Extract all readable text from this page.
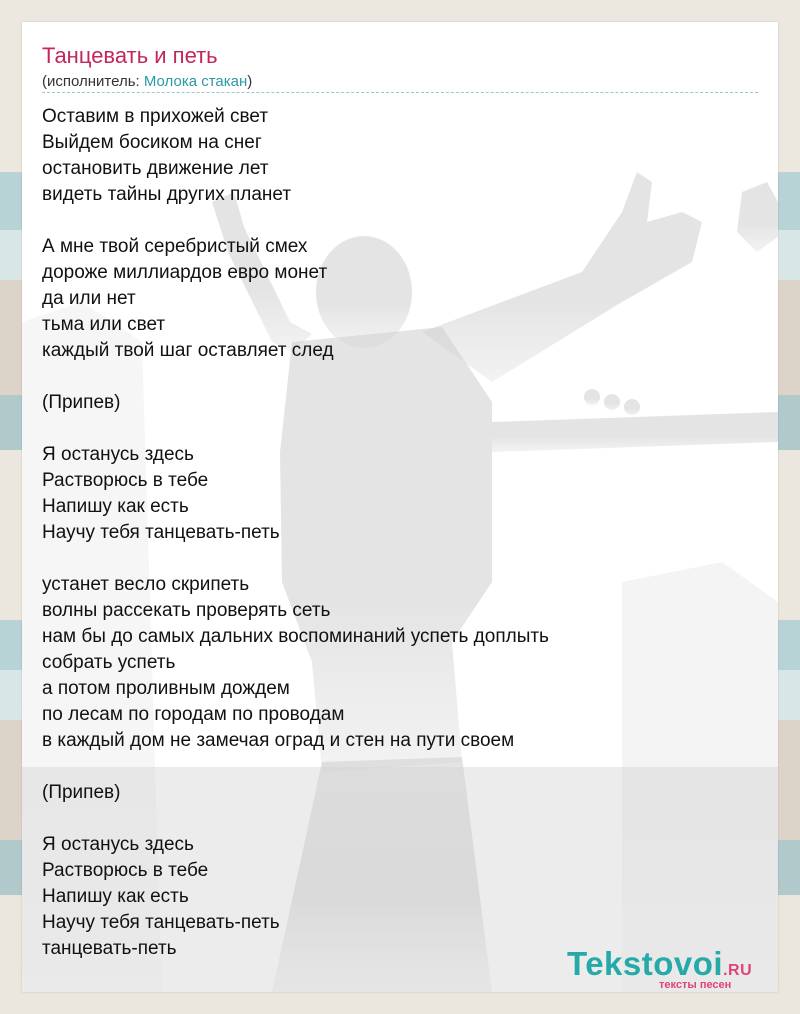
Танцевать и петь
(исполнитель: Молока стакан)
Оставим в прихожей свет
Выйдем босиком на снег
остановить движение лет
видеть тайны других планет
А мне твой серебристый смех
дороже миллиардов евро монет
да или нет
тьма или свет
каждый твой шаг оставляет след
(Припев)
Я останусь здесь
Растворюсь в тебе
Напишу как есть
Научу тебя танцевать-петь
устанет весло скрипеть
волны рассекать проверять сеть
нам бы до самых дальних воспоминаний успеть доплыть
собрать успеть
а потом проливным дождем
по лесам по городам по проводам
в каждый дом не замечая оград и стен на пути своем
(Припев)
Я останусь здесь
Растворюсь в тебе
Напишу как есть
Научу тебя танцевать-петь
танцевать-петь	Tekstovoi.RU
тексты песен
